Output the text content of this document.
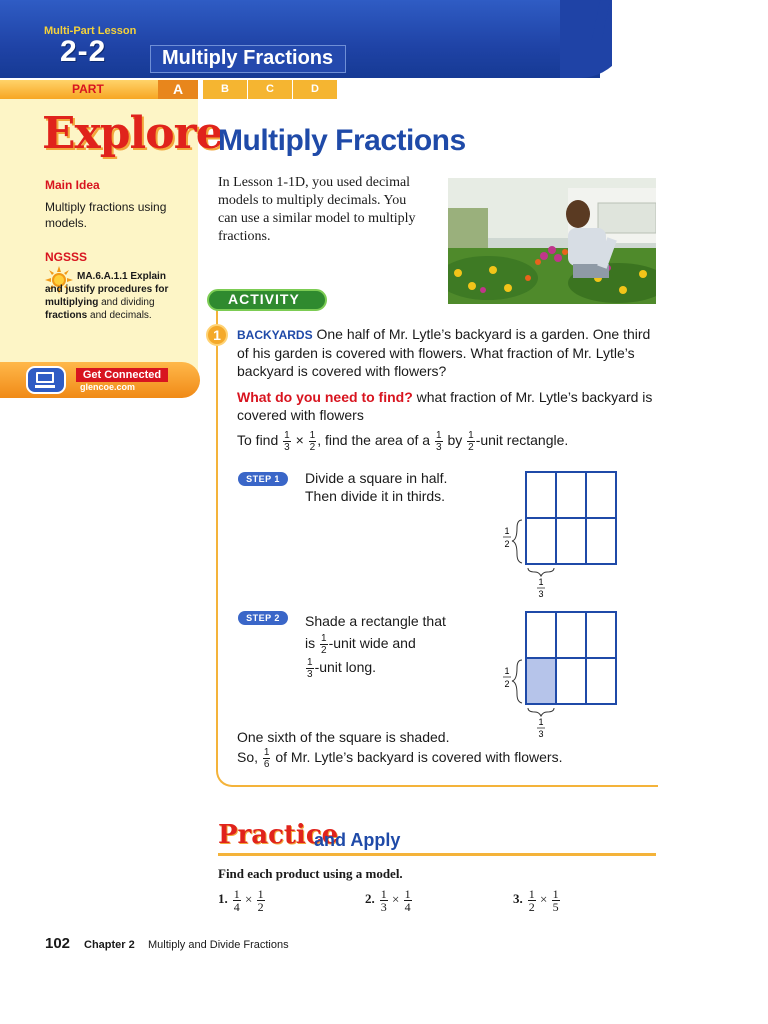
Multi-Part Lesson
2-2	Multiply Fractions
PART	A	B	C	D
Explore
Main Idea
Multiply fractions using models.
NGSSS
MA.6.A.1.1 Explain and justify procedures for multiplying and dividing fractions and decimals.
Get Connected
glencoe.com
Multiply Fractions
In Lesson 1-1D, you used decimal models to multiply decimals. You can use a similar model to multiply fractions.
ACTIVITY
1	BACKYARDS One half of Mr. Lytle’s backyard is a garden. One third of his garden is covered with flowers. What fraction of Mr. Lytle’s backyard is covered with flowers?
What do you need to find? what fraction of Mr. Lytle’s backyard is covered with flowers
To find $\frac{1}{3} \times \frac{1}{2}$ , find the area of a $\frac{1}{3}$ by $\frac{1}{2}$ -unit rectangle.
STEP 1	Divide a square in half. Then divide it in thirds.
1
2
1
3
STEP 2	Shade a rectangle that
is $\frac{1}{2}$ -unit wide and
$\frac{1}{3}$ -unit long.	1
2
1
3
One sixth of the square is shaded.
So, $\frac{1}{6}$ of Mr. Lytle’s backyard is covered with flowers.
Practice
and Apply
Find each product using a model.
1. $\frac{1}{4} \times \frac{1}{2}$	2. $\frac{1}{3} \times \frac{1}{4}$	3. $\frac{1}{2} \times \frac{1}{5}$
102 Chapter 2 Multiply and Divide Fractions
